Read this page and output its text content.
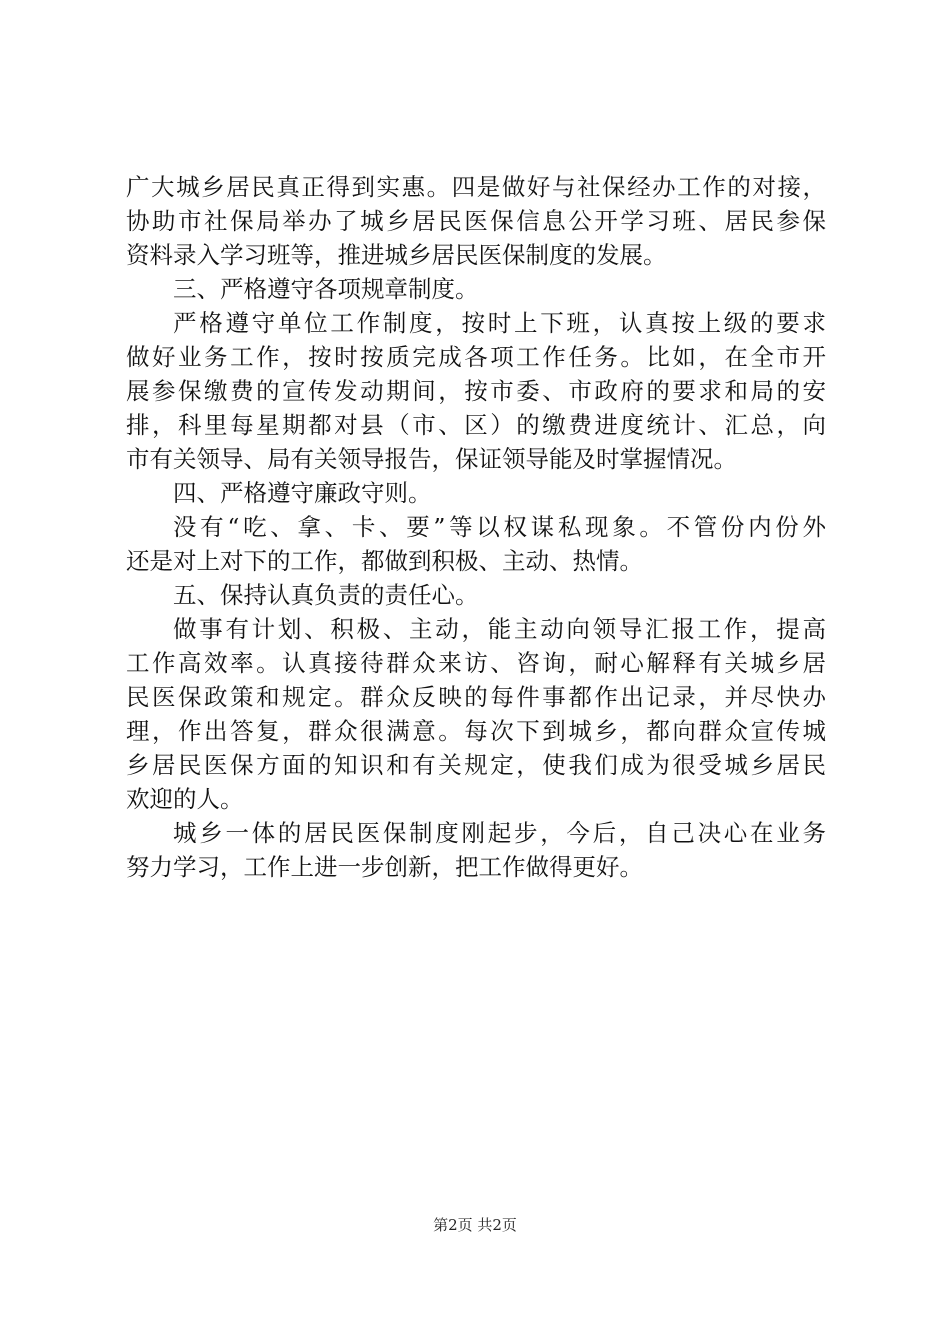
广大城乡居民真正得到实惠。四是做好与社保经办工作的对接，
协助市社保局举办了城乡居民医保信息公开学习班、居民参保
资料录入学习班等，推进城乡居民医保制度的发展。
三、严格遵守各项规章制度。
严格遵守单位工作制度，按时上下班，认真按上级的要求
做好业务工作，按时按质完成各项工作任务。比如，在全市开
展参保缴费的宣传发动期间，按市委、市政府的要求和局的安
排，科里每星期都对县（市、区）的缴费进度统计、汇总，向
市有关领导、局有关领导报告，保证领导能及时掌握情况。
四、严格遵守廉政守则。
没有“吃、拿、卡、要”等以权谋私现象。不管份内份外
还是对上对下的工作，都做到积极、主动、热情。
五、保持认真负责的责任心。
做事有计划、积极、主动，能主动向领导汇报工作，提高
工作高效率。认真接待群众来访、咨询，耐心解释有关城乡居
民医保政策和规定。群众反映的每件事都作出记录，并尽快办
理，作出答复，群众很满意。每次下到城乡，都向群众宣传城
乡居民医保方面的知识和有关规定，使我们成为很受城乡居民
欢迎的人。
城乡一体的居民医保制度刚起步，今后，自己决心在业务
努力学习，工作上进一步创新，把工作做得更好。
第2页 共2页
